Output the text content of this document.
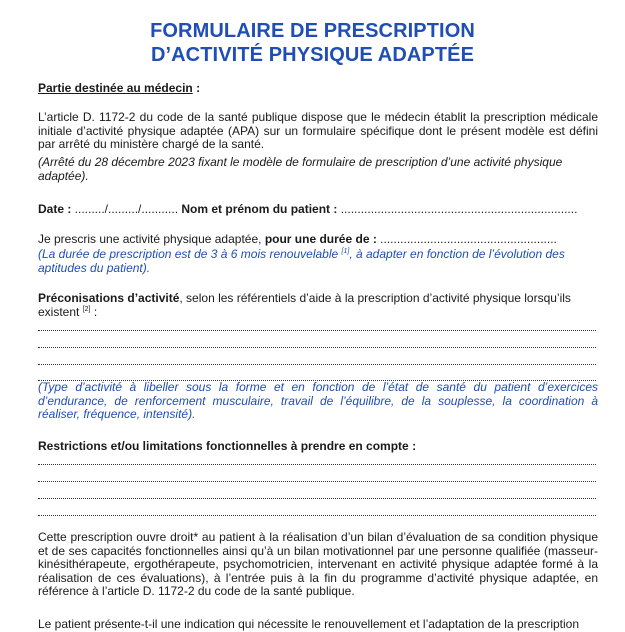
FORMULAIRE DE PRESCRIPTION
D’ACTIVITÉ PHYSIQUE ADAPTÉE
Partie destinée au médecin :
L’article D. 1172-2 du code de la santé publique dispose que le médecin établit la prescription médicale initiale d’activité physique adaptée (APA) sur un formulaire spécifique dont le présent modèle est défini par arrêté du ministère chargé de la santé.
(Arrêté du 28 décembre 2023 fixant le modèle de formulaire de prescription d’une activité physique adaptée).
Date : ........./........./........... Nom et prénom du patient : .......................................................................
Je prescris une activité physique adaptée, pour une durée de : .....................................................
(La durée de prescription est de 3 à 6 mois renouvelable [1], à adapter en fonction de l’évolution des aptitudes du patient).
Préconisations d’activité, selon les référentiels d’aide à la prescription d’activité physique lorsqu’ils existent [2] :
(Type d’activité à libeller sous la forme et en fonction de l’état de santé du patient d’exercices d’endurance, de renforcement musculaire, travail de l’équilibre, de la souplesse, la coordination à réaliser, fréquence, intensité).
Restrictions et/ou limitations fonctionnelles à prendre en compte :
Cette prescription ouvre droit* au patient à la réalisation d’un bilan d’évaluation de sa condition physique et de ses capacités fonctionnelles ainsi qu’à un bilan motivationnel par une personne qualifiée (masseur-kinésithérapeute, ergothérapeute, psychomotricien, intervenant en activité physique adaptée formé à la réalisation de ces évaluations), à l’entrée puis à la fin du programme d’activité physique adaptée, en référence à l’article D. 1172-2 du code de la santé publique.
Le patient présente-t-il une indication qui nécessite le renouvellement et l’adaptation de la prescription
